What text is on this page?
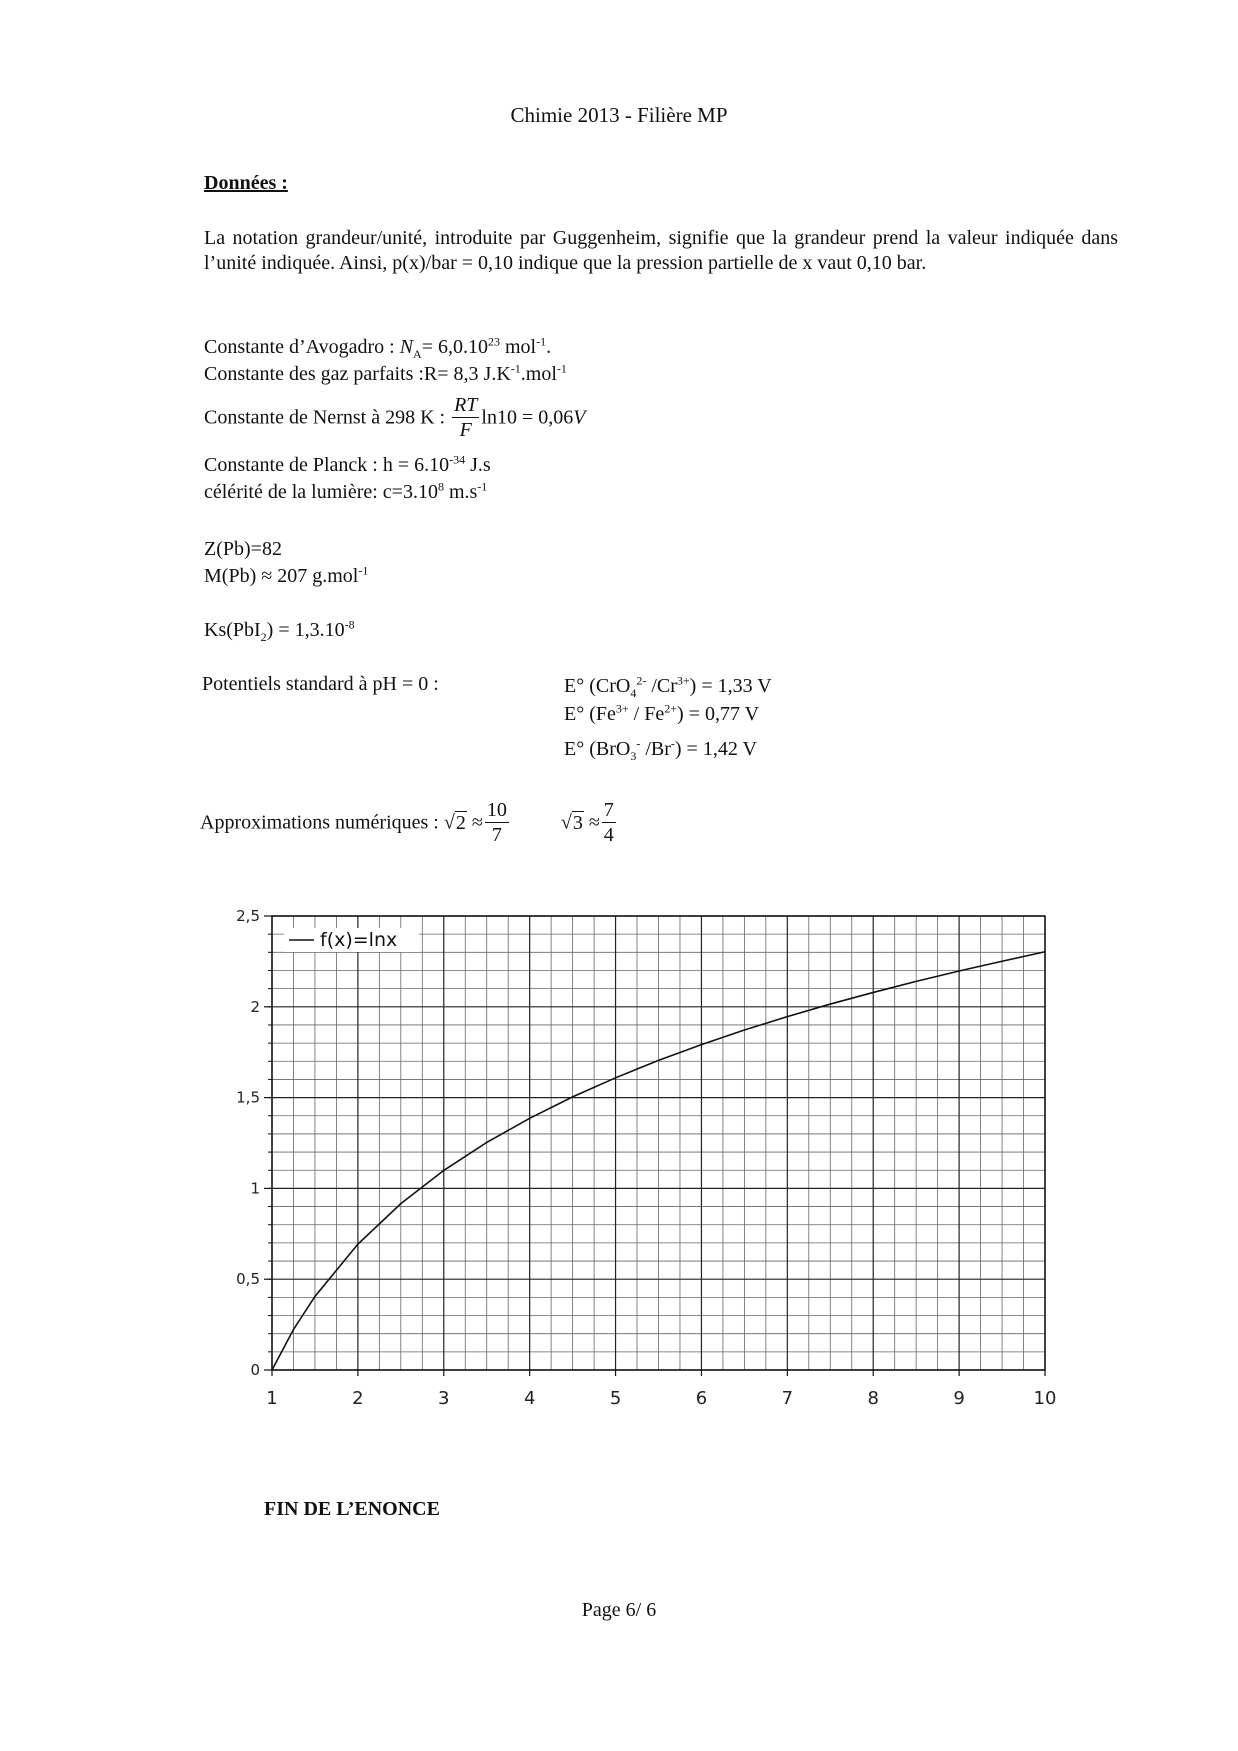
Chimie 2013 - Filière MP
Données :
La notation grandeur/unité, introduite par Guggenheim, signifie que la grandeur prend la valeur indiquée dans l’unité indiquée. Ainsi, p(x)/bar = 0,10 indique que la pression partielle de x vaut 0,10 bar.
Constante d’Avogadro : $N_A= 6,0.10^{23}$ mol$^{-1}$.
Constante des gaz parfaits :R= 8,3 $J.K^{-1}.mol^{-1}$
Constante de Nernst à 298 K : $\frac{RT}{F} \ln 10 = 0,06V$
Constante de Planck : $h = 6.10^{-34}$ J.s
célérité de la lumière: $c=3.10^8$ $m.s^{-1}$
Z(Pb)=82
M(Pb) ≈ 207 g.mol$^{-1}$
$Ks(PbI_2) = 1,3.10^{-8}$
Potentiels standard à pH = 0 :	E° (CrO$_4^{2-}$ $/Cr^{3+}) = 1,33$ V
E° $(Fe^{3+} / Fe^{2+}) = 0,77$ V
E° (BrO$_3$- /Br-) = 1,42 V
Approximations numériques : $√2 \approx \frac{10}{7}$	$√3 \approx \frac{7}{4}$
0
0,5
1
1,5
2
2,5
1	2	3	4	5	6	7	8	9	10
f(x)=lnx
FIN DE L’ENONCE
Page 6/ 6
